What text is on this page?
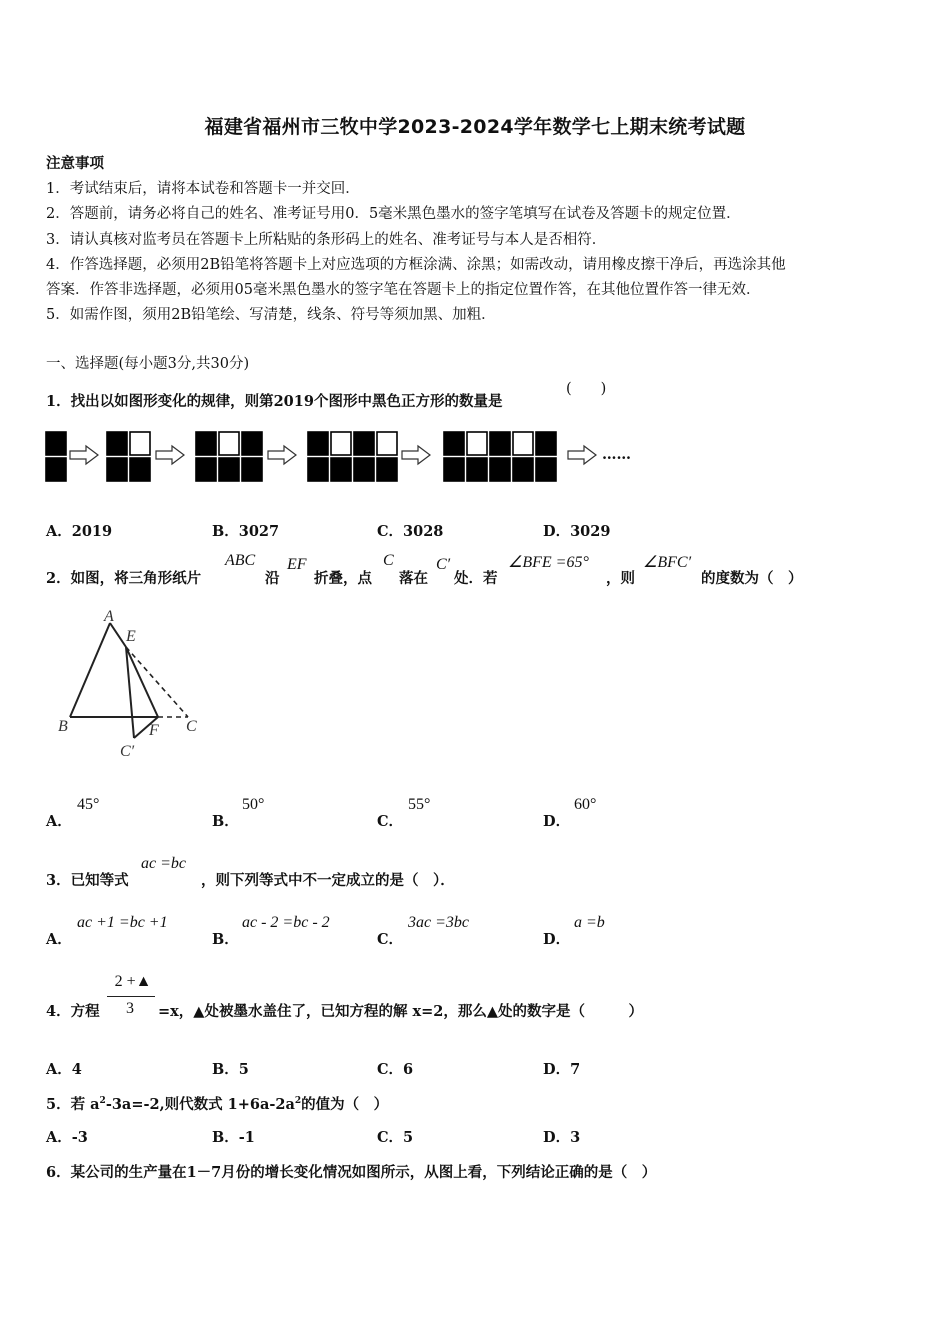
福建省福州市三牧中学2023-2024学年数学七上期末统考试题
注意事项
1．考试结束后，请将本试卷和答题卡一并交回．
2．答题前，请务必将自己的姓名、准考证号用0．5毫米黑色墨水的签字笔填写在试卷及答题卡的规定位置．
3．请认真核对监考员在答题卡上所粘贴的条形码上的姓名、准考证号与本人是否相符．
4．作答选择题，必须用2B铅笔将答题卡上对应选项的方框涂满、涂黑；如需改动，请用橡皮擦干净后，再选涂其他
答案．作答非选择题，必须用05毫米黑色墨水的签字笔在答题卡上的指定位置作答，在其他位置作答一律无效．
5．如需作图，须用2B铅笔绘、写清楚，线条、符号等须加黑、加粗．
一、选择题(每小题3分,共30分)
1．找出以如图形变化的规律，则第2019个图形中黑色正方形的数量是
(　　)
……
A．2019	B．3027	C．3028	D．3029
2．如图，将三角形纸片
ABC
沿
EF
折叠，点
C
落在
C′
处．若
∠BFE =65°
，则
∠BFC′
的度数为（　）
A
E
B	F C
C′
A．
45°
B．
50°
C．
55°
D．
60°
3．已知等式
ac =bc
，则下列等式中不一定成立的是（　）．
A．
ac +1 =bc +1
B．
ac - 2 =bc - 2
C．
3ac =3bc
D．
a =b
4．方程
2 +▲
3	=x，▲处被墨水盖住了，已知方程的解 x=2，那么▲处的数字是（　　　）
A．4	B．5	C．6	D．7
5．若 $a^2-3a=-2$,则代数式 $1+6a-2a^2$的值为（　）
A．-3	B．-1	C．5	D．3
6．某公司的生产量在1－7月份的增长变化情况如图所示，从图上看，下列结论正确的是（　）
